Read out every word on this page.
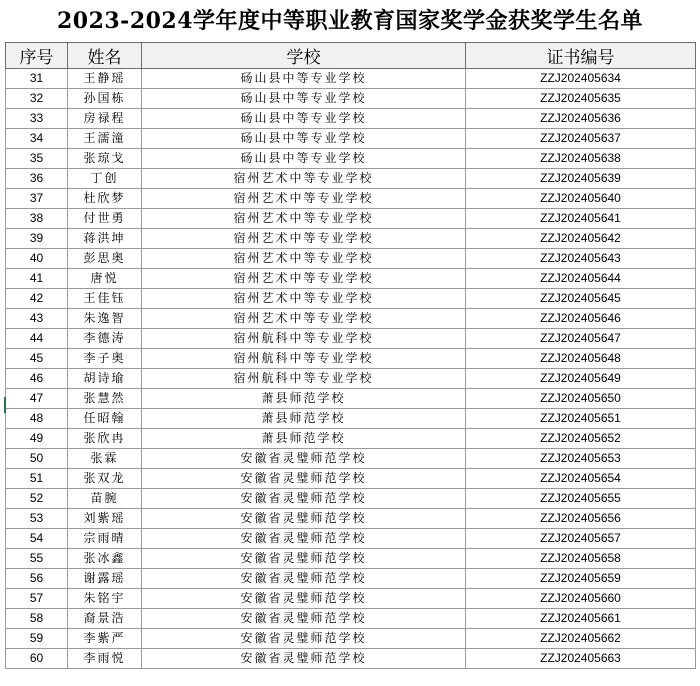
2023-2024学年度中等职业教育国家奖学金获奖学生名单
序号	姓名	学校	证书编号
31	王静瑶	砀山县中等专业学校	ZZJ202405634
32	孙国栋	砀山县中等专业学校	ZZJ202405635
33	房禄程	砀山县中等专业学校	ZZJ202405636
34	王濡潼	砀山县中等专业学校	ZZJ202405637
35	张琼戈	砀山县中等专业学校	ZZJ202405638
36	丁创	宿州艺术中等专业学校	ZZJ202405639
37	杜欣梦	宿州艺术中等专业学校	ZZJ202405640
38	付世勇	宿州艺术中等专业学校	ZZJ202405641
39	蒋洪坤	宿州艺术中等专业学校	ZZJ202405642
40	彭思奥	宿州艺术中等专业学校	ZZJ202405643
41	唐悦	宿州艺术中等专业学校	ZZJ202405644
42	王佳钰	宿州艺术中等专业学校	ZZJ202405645
43	朱逸智	宿州艺术中等专业学校	ZZJ202405646
44	李德涛	宿州航科中等专业学校	ZZJ202405647
45	李子奥	宿州航科中等专业学校	ZZJ202405648
46	胡诗瑜	宿州航科中等专业学校	ZZJ202405649
47	张慧然	萧县师范学校	ZZJ202405650
48	任昭翰	萧县师范学校	ZZJ202405651
49	张欣冉	萧县师范学校	ZZJ202405652
50	张霖	安徽省灵璧师范学校	ZZJ202405653
51	张双龙	安徽省灵璧师范学校	ZZJ202405654
52	苗腕	安徽省灵璧师范学校	ZZJ202405655
53	刘紫瑶	安徽省灵璧师范学校	ZZJ202405656
54	宗雨晴	安徽省灵璧师范学校	ZZJ202405657
55	张冰鑫	安徽省灵璧师范学校	ZZJ202405658
56	谢露瑶	安徽省灵璧师范学校	ZZJ202405659
57	朱铭宇	安徽省灵璧师范学校	ZZJ202405660
58	裔景浩	安徽省灵璧师范学校	ZZJ202405661
59	李紫严	安徽省灵璧师范学校	ZZJ202405662
60	李雨悦	安徽省灵璧师范学校	ZZJ202405663
